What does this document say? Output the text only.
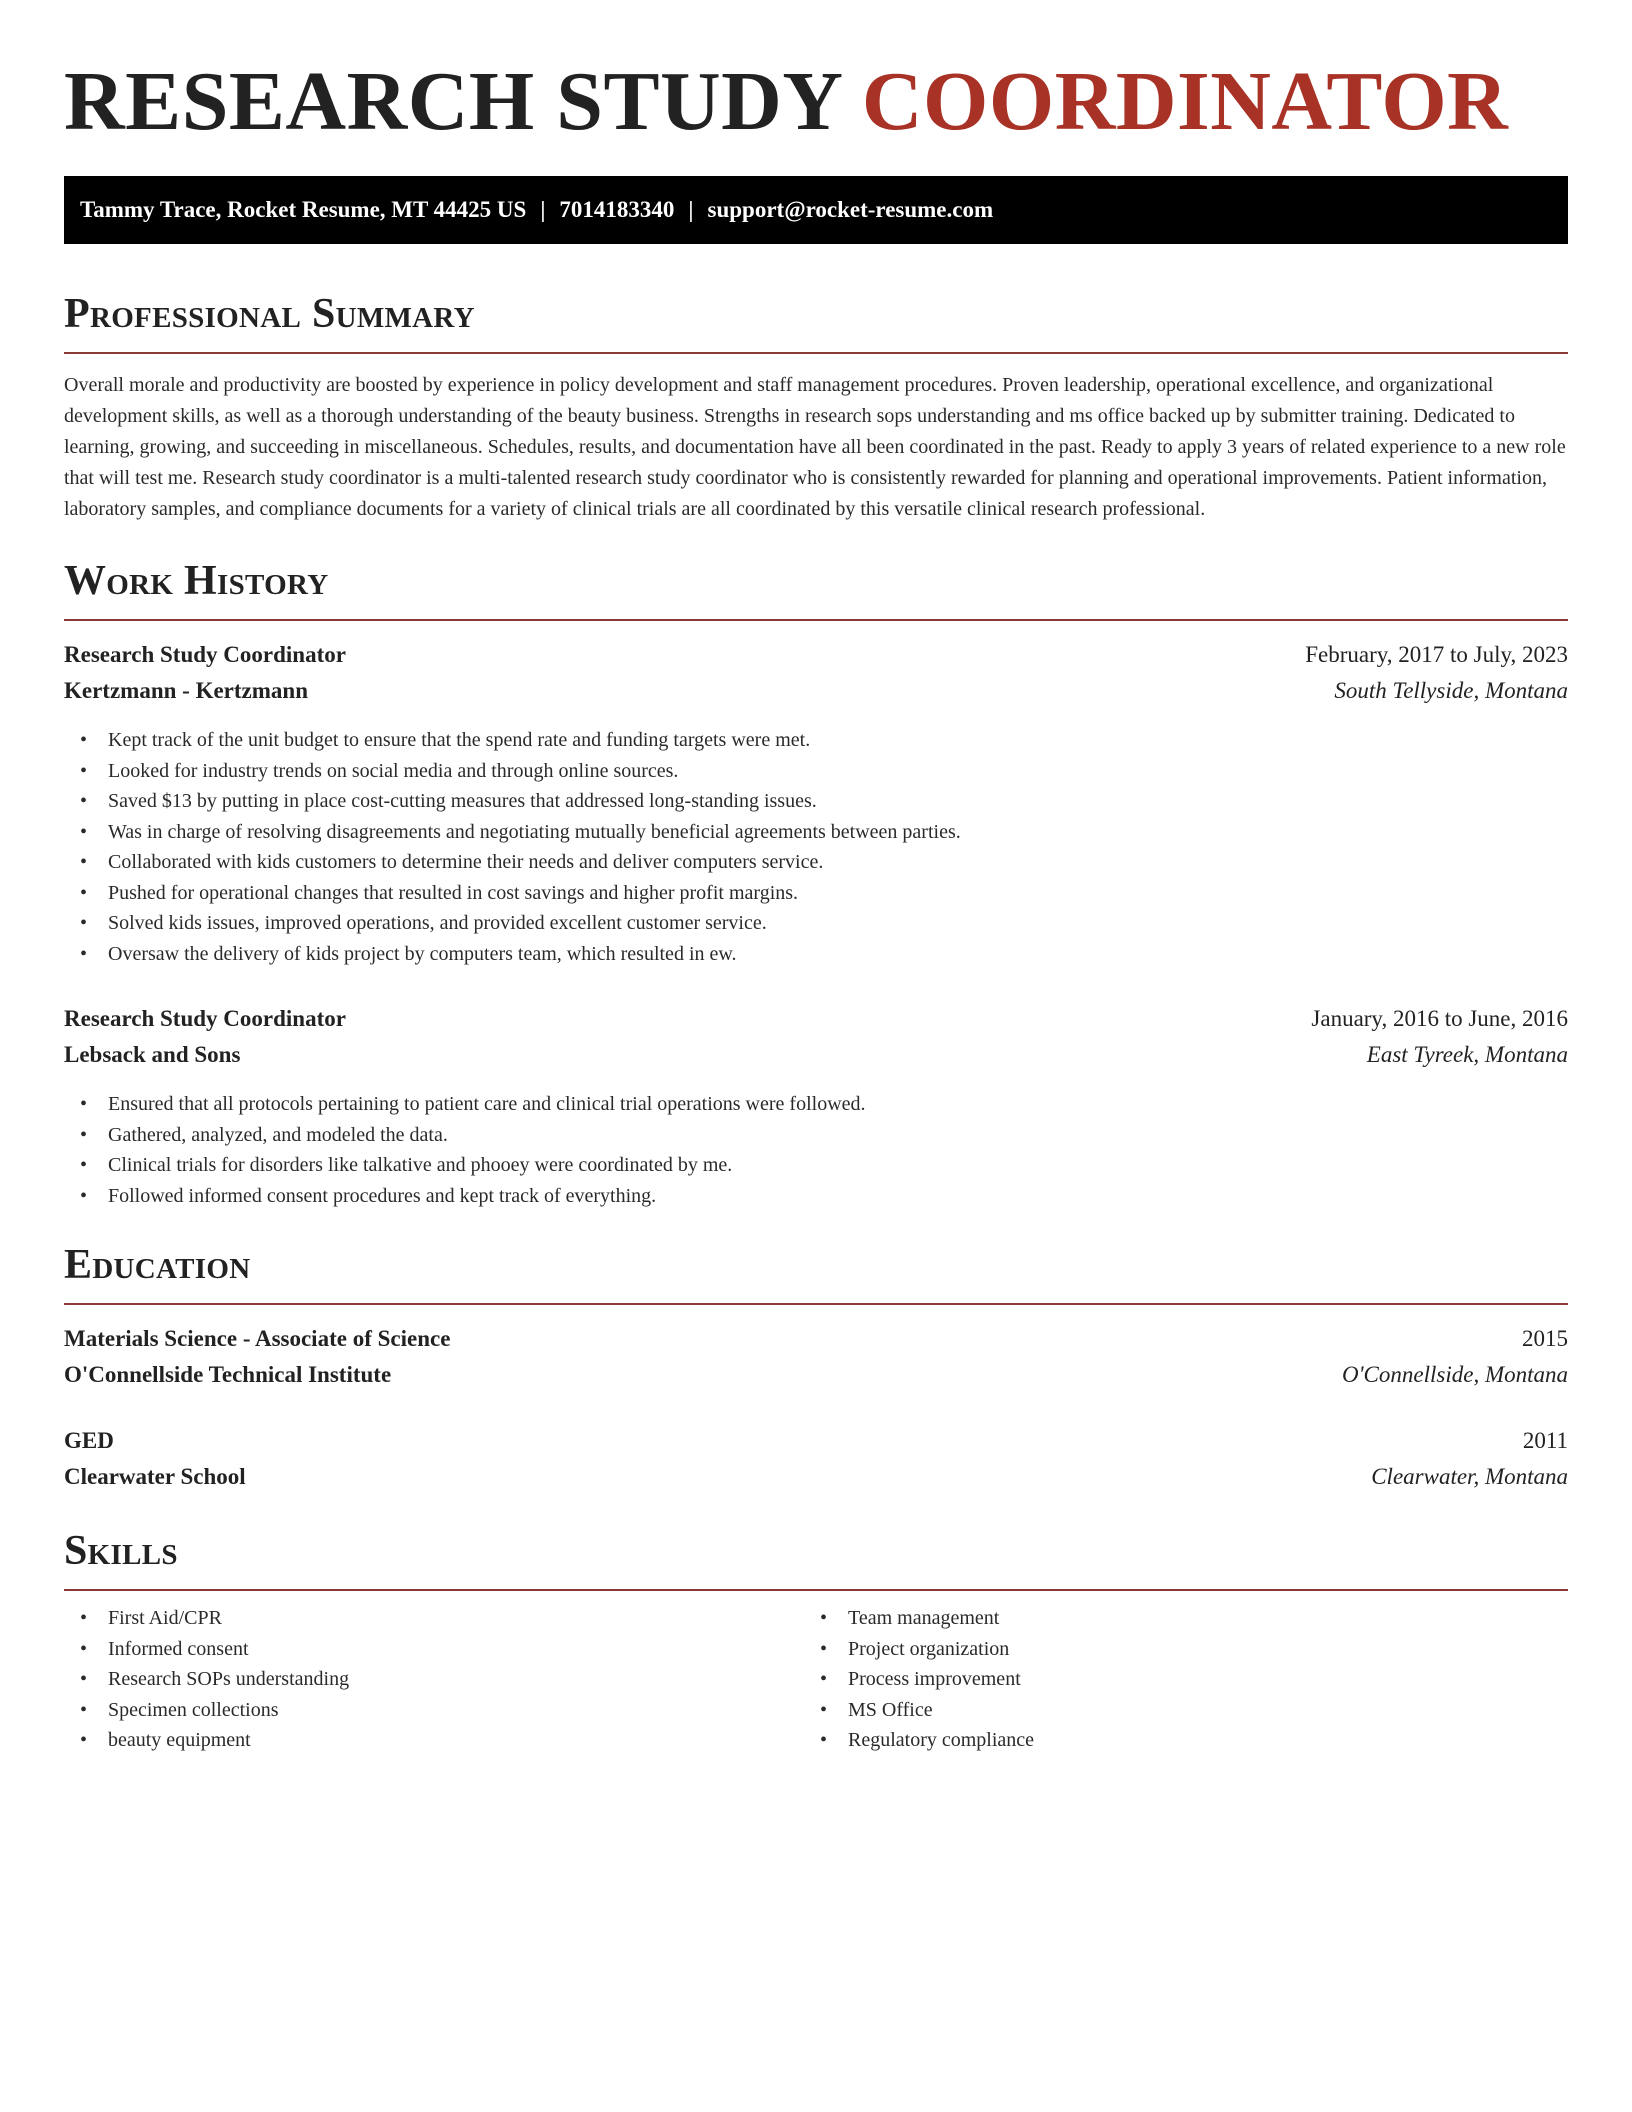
RESEARCH STUDY COORDINATOR
Tammy Trace, Rocket Resume, MT 44425 US | 7014183340 | support@rocket-resume.com
Professional Summary

Overall morale and productivity are boosted by experience in policy development and staff management procedures. Proven leadership, operational excellence, and organizational development skills, as well as a thorough understanding of the beauty business. Strengths in research sops understanding and ms office backed up by submitter training. Dedicated to learning, growing, and succeeding in miscellaneous. Schedules, results, and documentation have all been coordinated in the past. Ready to apply 3 years of related experience to a new role that will test me. Research study coordinator is a multi-talented research study coordinator who is consistently rewarded for planning and operational improvements. Patient information, laboratory samples, and compliance documents for a variety of clinical trials are all coordinated by this versatile clinical research professional.

Work History
Research Study Coordinator	February, 2017 to July, 2023
Kertzmann - Kertzmann	South Tellyside, Montana
• Kept track of the unit budget to ensure that the spend rate and funding targets were met.
• Looked for industry trends on social media and through online sources.
• Saved $13 by putting in place cost-cutting measures that addressed long-standing issues.
• Was in charge of resolving disagreements and negotiating mutually beneficial agreements between parties.
• Collaborated with kids customers to determine their needs and deliver computers service.
• Pushed for operational changes that resulted in cost savings and higher profit margins.
• Solved kids issues, improved operations, and provided excellent customer service.
• Oversaw the delivery of kids project by computers team, which resulted in ew.
Research Study Coordinator	January, 2016 to June, 2016
Lebsack and Sons	East Tyreek, Montana
• Ensured that all protocols pertaining to patient care and clinical trial operations were followed.
• Gathered, analyzed, and modeled the data.
• Clinical trials for disorders like talkative and phooey were coordinated by me.
• Followed informed consent procedures and kept track of everything.
Education
Materials Science - Associate of Science	2015
O'Connellside Technical Institute	O'Connellside, Montana
GED	2011
Clearwater School	Clearwater, Montana
Skills
• First Aid/CPR
• Informed consent
• Research SOPs understanding
• Specimen collections
• beauty equipment
• Team management
• Project organization
• Process improvement
• MS Office
• Regulatory compliance
